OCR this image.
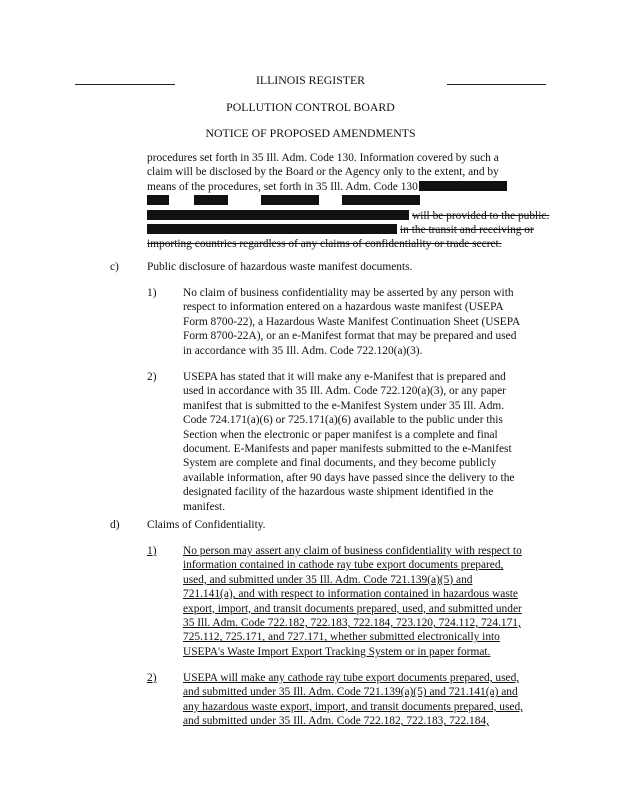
ILLINOIS REGISTER
POLLUTION CONTROL BOARD
NOTICE OF PROPOSED AMENDMENTS
procedures set forth in 35 Ill. Adm. Code 130. Information covered by such a
claim will be disclosed by the Board or the Agency only to the extent, and by
means of the procedures, set forth in 35 Ill. Adm. Code 130
will be provided to the public.
in the transit and receiving or
importing countries regardless of any claims of confidentiality or trade secret.
c) Public disclosure of hazardous waste manifest documents.
1) No claim of business confidentiality may be asserted by any person with
respect to information entered on a hazardous waste manifest (USEPA
Form 8700-22), a Hazardous Waste Manifest Continuation Sheet (USEPA
Form 8700-22A), or an e-Manifest format that may be prepared and used
in accordance with 35 Ill. Adm. Code 722.120(a)(3).
2) USEPA has stated that it will make any e-Manifest that is prepared and
used in accordance with 35 Ill. Adm. Code 722.120(a)(3), or any paper
manifest that is submitted to the e-Manifest System under 35 Ill. Adm.
Code 724.171(a)(6) or 725.171(a)(6) available to the public under this
Section when the electronic or paper manifest is a complete and final
document. E-Manifests and paper manifests submitted to the e-Manifest
System are complete and final documents, and they become publicly
available information, after 90 days have passed since the delivery to the
designated facility of the hazardous waste shipment identified in the
manifest.
d) Claims of Confidentiality.
1) No person may assert any claim of business confidentiality with respect to
information contained in cathode ray tube export documents prepared,
used, and submitted under 35 Ill. Adm. Code 721.139(a)(5) and
721.141(a), and with respect to information contained in hazardous waste
export, import, and transit documents prepared, used, and submitted under
35 Ill. Adm. Code 722.182, 722.183, 722.184, 723.120, 724.112, 724.171,
725.112, 725.171, and 727.171, whether submitted electronically into
USEPA's Waste Import Export Tracking System or in paper format.
2) USEPA will make any cathode ray tube export documents prepared, used,
and submitted under 35 Ill. Adm. Code 721.139(a)(5) and 721.141(a) and
any hazardous waste export, import, and transit documents prepared, used,
and submitted under 35 Ill. Adm. Code 722.182, 722.183, 722.184,
